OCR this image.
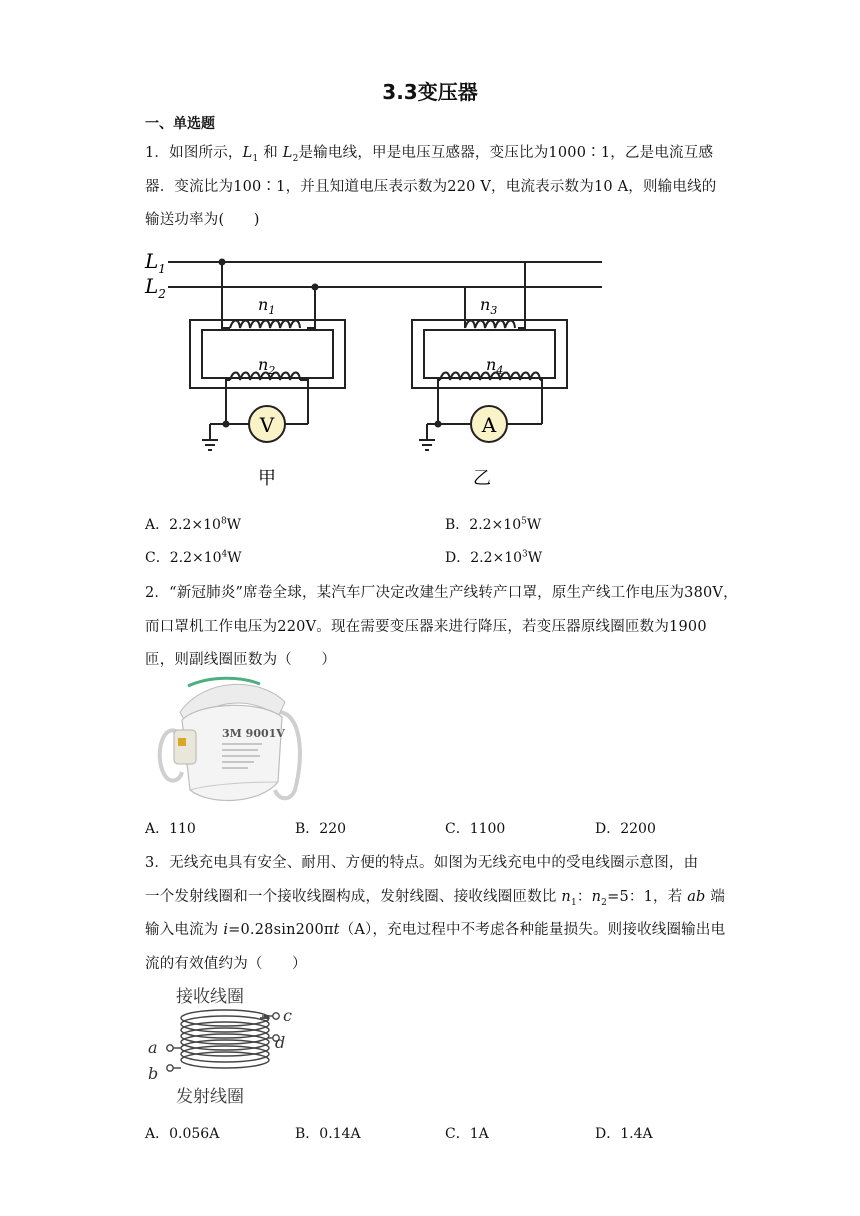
3.3变压器
一、单选题
1．如图所示，$L_1$ 和 $L_2$是输电线，甲是电压互感器，变压比为1000∶1，乙是电流互感
器．变流比为100∶1，并且知道电压表示数为220 V，电流表示数为10 A，则输电线的
输送功率为(　　)
V	A
$L_1$
$L_2$
$n_1$
$n_2$
$n_3$
$n_4$
甲	乙
A．$2.2\times 10^8W$	B．$2.2\times 10^5W$
C．$2.2\times 10^4W$	D．$2.2\times 10^3W$
2．“新冠肺炎”席卷全球，某汽车厂决定改建生产线转产口罩，原生产线工作电压为380V，
而口罩机工作电压为220V。现在需要变压器来进行降压，若变压器原线圈匝数为1900
匝，则副线圈匝数为（　　）
3M 9001V
A．110	B．220	C．1100	D．2200
3．无线充电具有安全、耐用、方便的特点。如图为无线充电中的受电线圈示意图，由
一个发射线圈和一个接收线圈构成，发射线圈、接收线圈匝数比 $n_1$：$n_2=5$：1，若 ab 端
输入电流为 i=0.28sin200πt（A），充电过程中不考虑各种能量损失。则接收线圈输出电
流的有效值约为（　　）
接收线圈
发射线圈
c
d
a
b
A．0.056A	B．0.14A	C．1A	D．1.4A
